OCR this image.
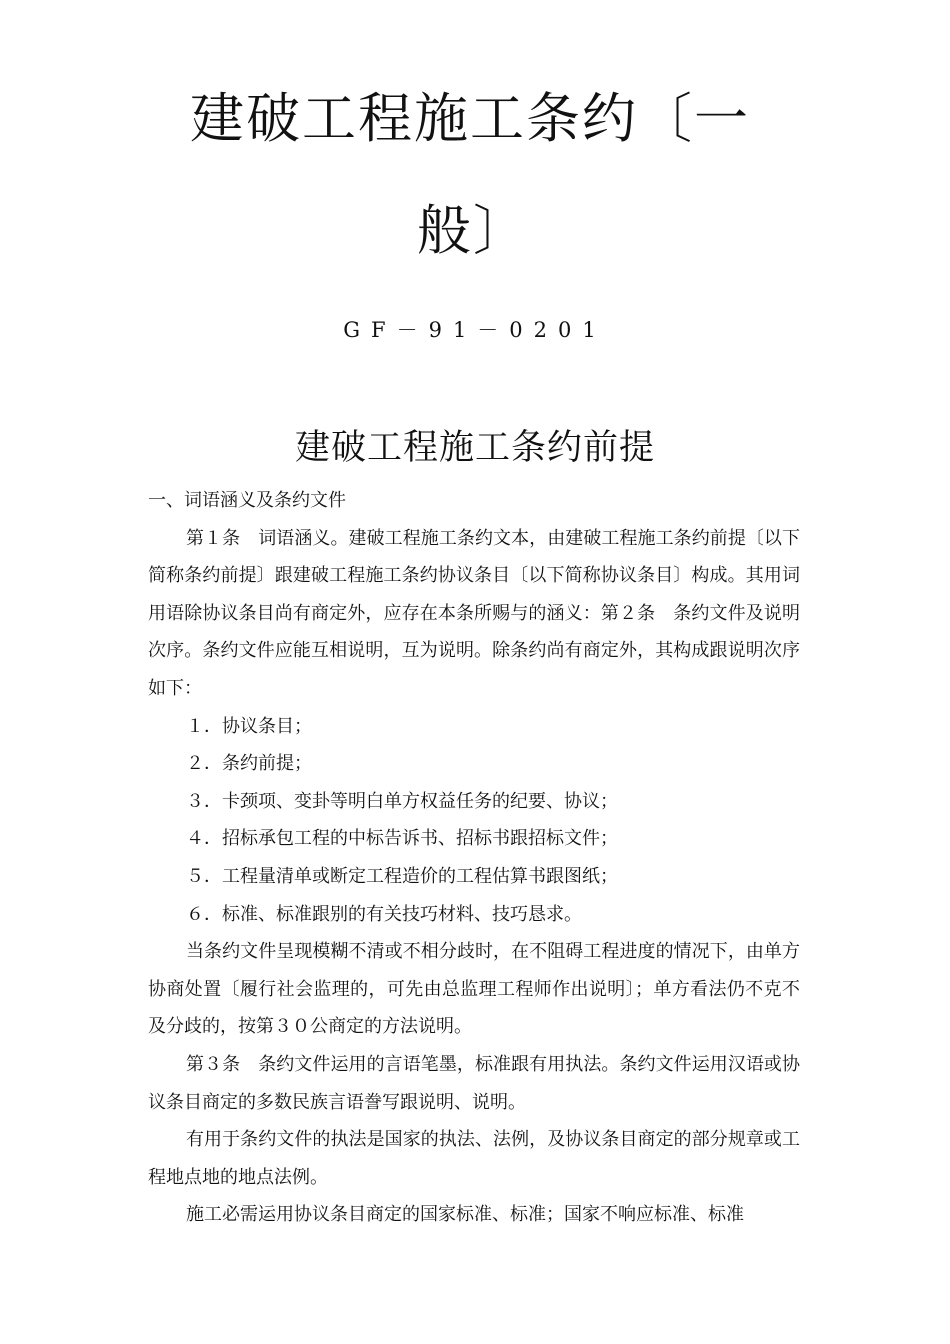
建破工程施工条约〔一
般〕
GF－91－0201
建破工程施工条约前提

一、词语涵义及条约文件

第１条　词语涵义。建破工程施工条约文本，由建破工程施工条约前提〔以下简称条约前提〕跟建破工程施工条约协议条目〔以下简称协议条目〕构成。其用词用语除协议条目尚有商定外，应存在本条所赐与的涵义：第２条　条约文件及说明次序。条约文件应能互相说明，互为说明。除条约尚有商定外，其构成跟说明次序如下：

１．协议条目；

２．条约前提；

３．卡颈项、变卦等明白单方权益任务的纪要、协议；

４．招标承包工程的中标告诉书、招标书跟招标文件；

５．工程量清单或断定工程造价的工程估算书跟图纸；

６．标准、标准跟别的有关技巧材料、技巧恳求。

当条约文件呈现模糊不清或不相分歧时，在不阻碍工程进度的情况下，由单方协商处置〔履行社会监理的，可先由总监理工程师作出说明〕；单方看法仍不克不及分歧的，按第３０公商定的方法说明。

第３条　条约文件运用的言语笔墨，标准跟有用执法。条约文件运用汉语或协议条目商定的多数民族言语誊写跟说明、说明。

有用于条约文件的执法是国家的执法、法例，及协议条目商定的部分规章或工程地点地的地点法例。

施工必需运用协议条目商定的国家标准、标准；国家不响应标准、标准
